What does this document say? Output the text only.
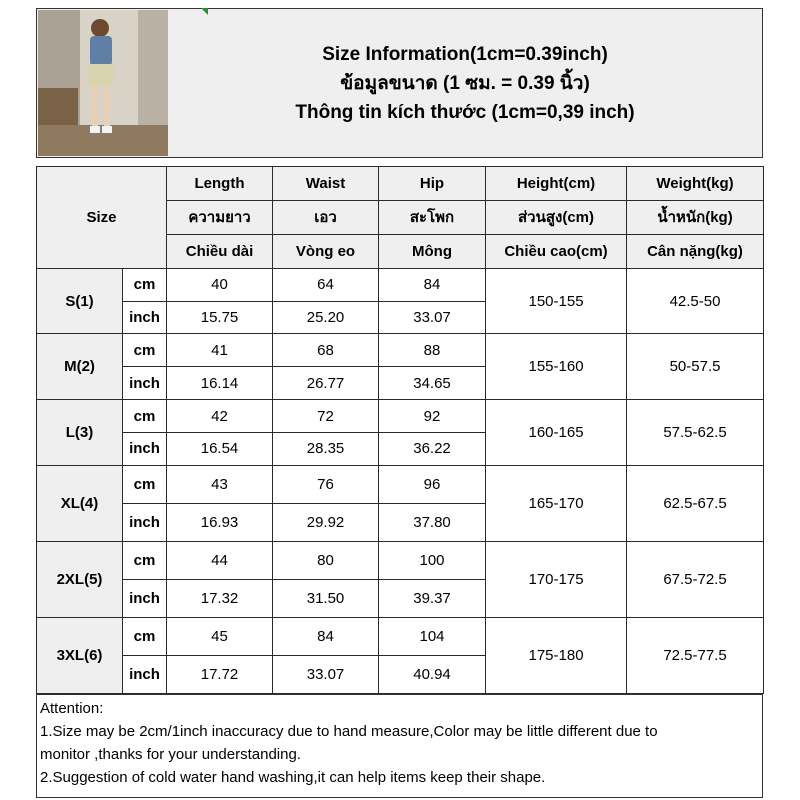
Size Information(1cm=0.39inch)
ข้อมูลขนาด (1 ซม. = 0.39 นิ้ว)
Thông tin kích thước (1cm=0,39 inch)
Size		Length	Waist	Hip	Height(cm)	Weight(kg)
		ความยาว	เอว	สะโพก	ส่วนสูง(cm)	น้ำหนัก(kg)
		Chiều dài	Vòng eo	Mông	Chiều cao(cm)	Cân nặng(kg)
S(1)	cm	40	64	84	150-155	42.5-50
	inch	15.75	25.20	33.07		
M(2)	cm	41	68	88	155-160	50-57.5
	inch	16.14	26.77	34.65		
L(3)	cm	42	72	92	160-165	57.5-62.5
	inch	16.54	28.35	36.22		
XL(4)	cm	43	76	96	165-170	62.5-67.5
	inch	16.93	29.92	37.80		
2XL(5)	cm	44	80	100	170-175	67.5-72.5
	inch	17.32	31.50	39.37		
3XL(6)	cm	45	84	104	175-180	72.5-77.5
	inch	17.72	33.07	40.94		
Attention:
1.Size may be 2cm/1inch inaccuracy due to hand measure,Color may be little different due to
monitor ,thanks for your understanding.
2.Suggestion of cold water hand washing,it can help items keep their shape.
